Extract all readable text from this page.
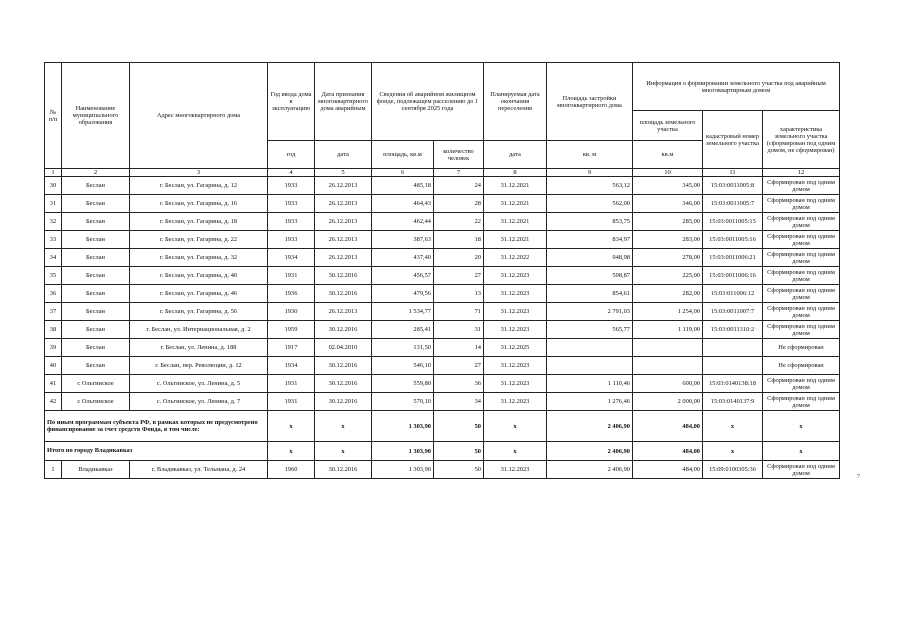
№ п/п	Наименование муниципального образования	Адрес многоквартирного дома	Год ввода дома в эксплуатацию	Дата признания многоквартирного дома аварийным	Сведения об аварийном жилищном фонде, подлежащем расселению до 1 сентября 2025 года		Планируемая дата окончания переселения	Площадь застройки многоквартирного дома	Информация о формировании земельного участка под аварийным многоквартирным домом		
									площадь земельного участка	кадастровый номер земельного участка	характеристика земельного участка (сформирован под одним домом, не сформирован)
			год	дата	площадь, кв.м	количество человек	дата	кв. м	кв.м		
1	2	3	4	5	6	7	8	9	10	11	12
30	Беслан	г. Беслан, ул. Гагарина, д. 12	1933	26.12.2013	485,18	24	31.12.2021	563,12	345,00	15:03:0011005:8	Сформирован под одним домом
31	Беслан	г. Беслан, ул. Гагарина, д. 16	1933	26.12.2013	464,43	28	31.12.2021	562,00	346,00	15:03:0011005:7	Сформирован под одним домом
32	Беслан	г. Беслан, ул. Гагарина, д. 18	1933	26.12.2013	462,44	22	31.12.2021	853,75	285,00	15:03:0011005:15	Сформирован под одним домом
33	Беслан	г. Беслан, ул. Гагарина, д. 22	1933	26.12.2013	387,63	18	31.12.2021	834,97	283,00	15:03:0011005:16	Сформирован под одним домом
34	Беслан	г. Беслан, ул. Гагарина, д. 32	1934	26.12.2013	437,40	20	31.12.2022	948,98	278,00	15:03:0011006:21	Сформирован под одним домом
35	Беслан	г. Беслан, ул. Гагарина, д. 40	1931	30.12.2016	456,57	27	31.12.2023	598,87	225,00	15:03:0011006:16	Сформирован под одним домом
36	Беслан	г. Беслан, ул. Гагарина, д. 46	1936	30.12.2016	479,56	13	31.12.2023	854,61	282,00	15:03:011006:12	Сформирован под одним домом
37	Беслан	г. Беслан, ул. Гагарина, д. 56	1930	26.12.2013	1 534,77	71	31.12.2023	2 791,03	1 254,00	15:03:0011007:7	Сформирован под одним домом
38	Беслан	г. Беслан, ул. Интернациональная, д. 2	1959	30.12.2016	285,41	31	31.12.2023	565,77	1 119,00	15:03:0011310:2	Сформирован под одним домом
39	Беслан	г. Беслан, ул. Ленина, д. 188	1917	02.04.2010	131,50	14	31.12.2025				Не сформирован
40	Беслан	г. Беслан, пер. Революции, д. 12	1934	30.12.2016	546,10	27	31.12.2023				Не сформирован
41	с Ольгинское	с. Ольгинское, ул. Ленина, д. 5	1931	30.12.2016	559,80	36	31.12.2023	1 110,46	600,00	15:03:0140138:18	Сформирован под одним домом
42	с Ольгинское	с. Ольгинское, ул. Ленина, д. 7	1931	30.12.2016	570,10	34	31.12.2023	1 276,46	2 000,00	15:03:0140137:9	Сформирован под одним домом
По иным программам субъекта РФ, в рамках которых не предусмотрено финансирование за счет средств Фонда, в том числе:			x	x	1 303,90	50	x	2 406,90	484,00	x	x
Итого по городу Владикавказ			x	x	1 303,90	50	x	2 406,90	484,00	x	x
1	Владикавказ	г. Владикавказ, ул. Тельмана, д. 24	1960	30.12.2016	1 303,90	50	31.12.2023	2 406,90	484,00	15:09:0100305:36	Сформирован под одним домом
7
